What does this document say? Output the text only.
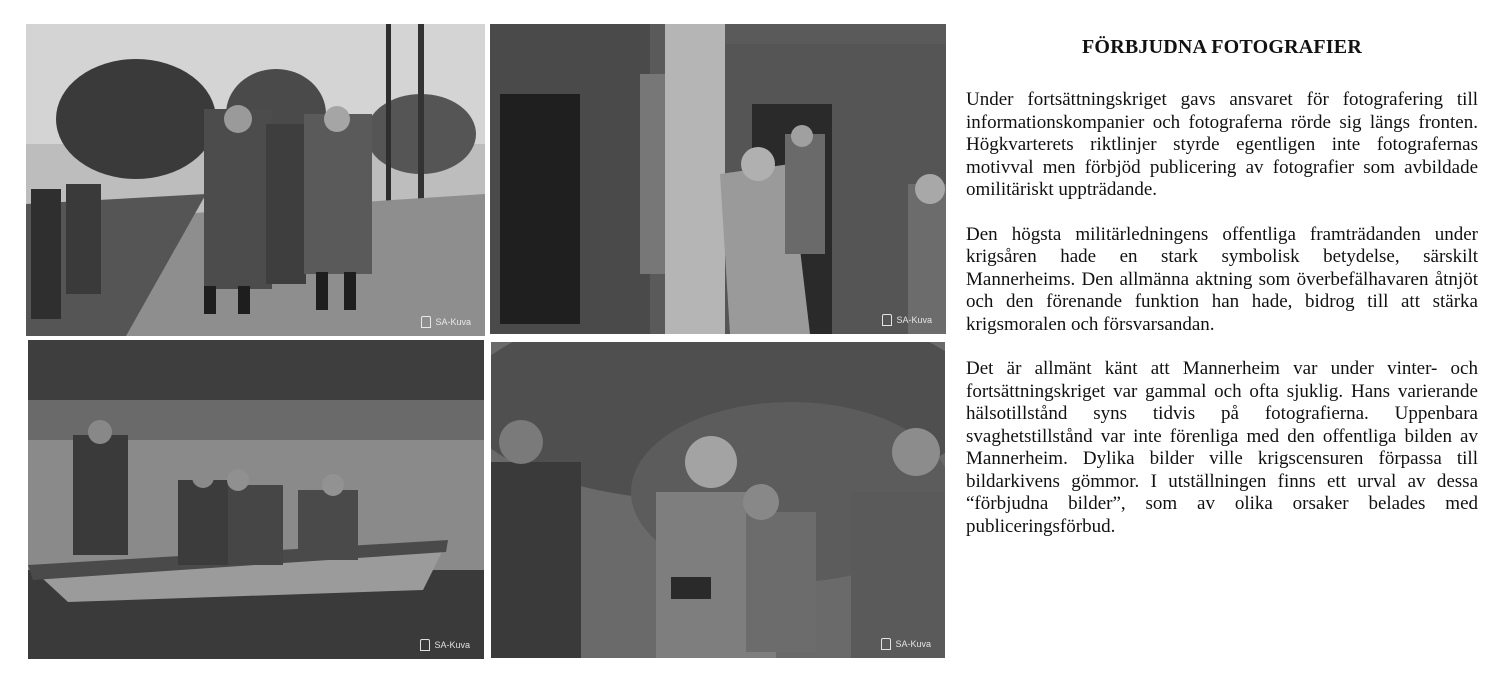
SA-Kuva	SA-Kuva
SA-Kuva	SA-Kuva
FÖRBJUDNA FOTOGRAFIER

Under fortsättningskriget gavs ansvaret för fotografering till informationskompanier och fotograferna rörde sig längs fronten. Högkvarterets riktlinjer styrde egentligen inte fotografernas motivval men förbjöd publicering av fotografier som avbildade omilitäriskt uppträdande.

Den högsta militärledningens offentliga framträdanden under krigsåren hade en stark symbolisk betydelse, särskilt Mannerheims. Den allmänna aktning som överbefälhavaren åtnjöt och den förenande funktion han hade, bidrog till att stärka krigsmoralen och försvarsandan.

Det är allmänt känt att Mannerheim var under vinter- och fortsättningskriget var gammal och ofta sjuklig. Hans varierande hälsotillstånd syns tidvis på fotografierna. Uppenbara svaghetstillstånd var inte förenliga med den offentliga bilden av Mannerheim. Dylika bilder ville krigscensuren förpassa till bildarkivens gömmor. I utställningen finns ett urval av dessa “förbjudna bilder”, som av olika orsaker belades med publiceringsförbud.
